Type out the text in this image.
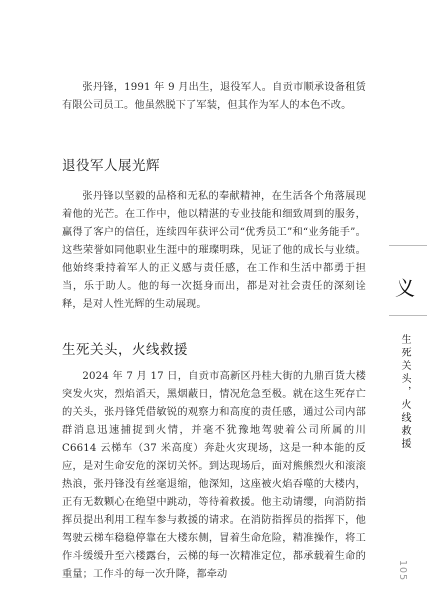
张丹锋，1991 年 9 月出生，退役军人。自贡市顺承设备租赁有限公司员工。他虽然脱下了军装，但其作为军人的本色不改。

退役军人展光辉

张丹锋以坚毅的品格和无私的奉献精神，在生活各个角落展现着他的光芒。在工作中，他以精湛的专业技能和细致周到的服务，赢得了客户的信任，连续四年获评公司“优秀员工”和“业务能手”。这些荣誉如同他职业生涯中的璀璨明珠，见证了他的成长与业绩。他始终秉持着军人的正义感与责任感，在工作和生活中都勇于担当，乐于助人。他的每一次挺身而出，都是对社会责任的深刻诠释，是对人性光辉的生动展现。

生死关头，火线救援

2024 年 7 月 17 日，自贡市高新区丹桂大街的九鼎百货大楼突发火灾，烈焰滔天，黑烟蔽日，情况危急至极。就在这生死存亡的关头，张丹锋凭借敏锐的观察力和高度的责任感，通过公司内部群消息迅速捕捉到火情，并毫不犹豫地驾驶着公司所属的川 C6614 云梯车（37 米高度）奔赴火灾现场，这是一种本能的反应，是对生命安危的深切关怀。到达现场后，面对熊熊烈火和滚滚热浪，张丹锋没有丝毫退缩，他深知，这座被火焰吞噬的大楼内，正有无数颗心在绝望中跳动，等待着救援。他主动请缨，向消防指挥员提出利用工程车参与救援的请求。在消防指挥员的指挥下，他驾驶云梯车稳稳停靠在大楼东侧，冒着生命危险，精准操作，将工作斗缓缓升至六楼露台，云梯的每一次精准定位，都承载着生命的重量；工作斗的每一次升降，都牵动

义
生死关头，火线救援
105
